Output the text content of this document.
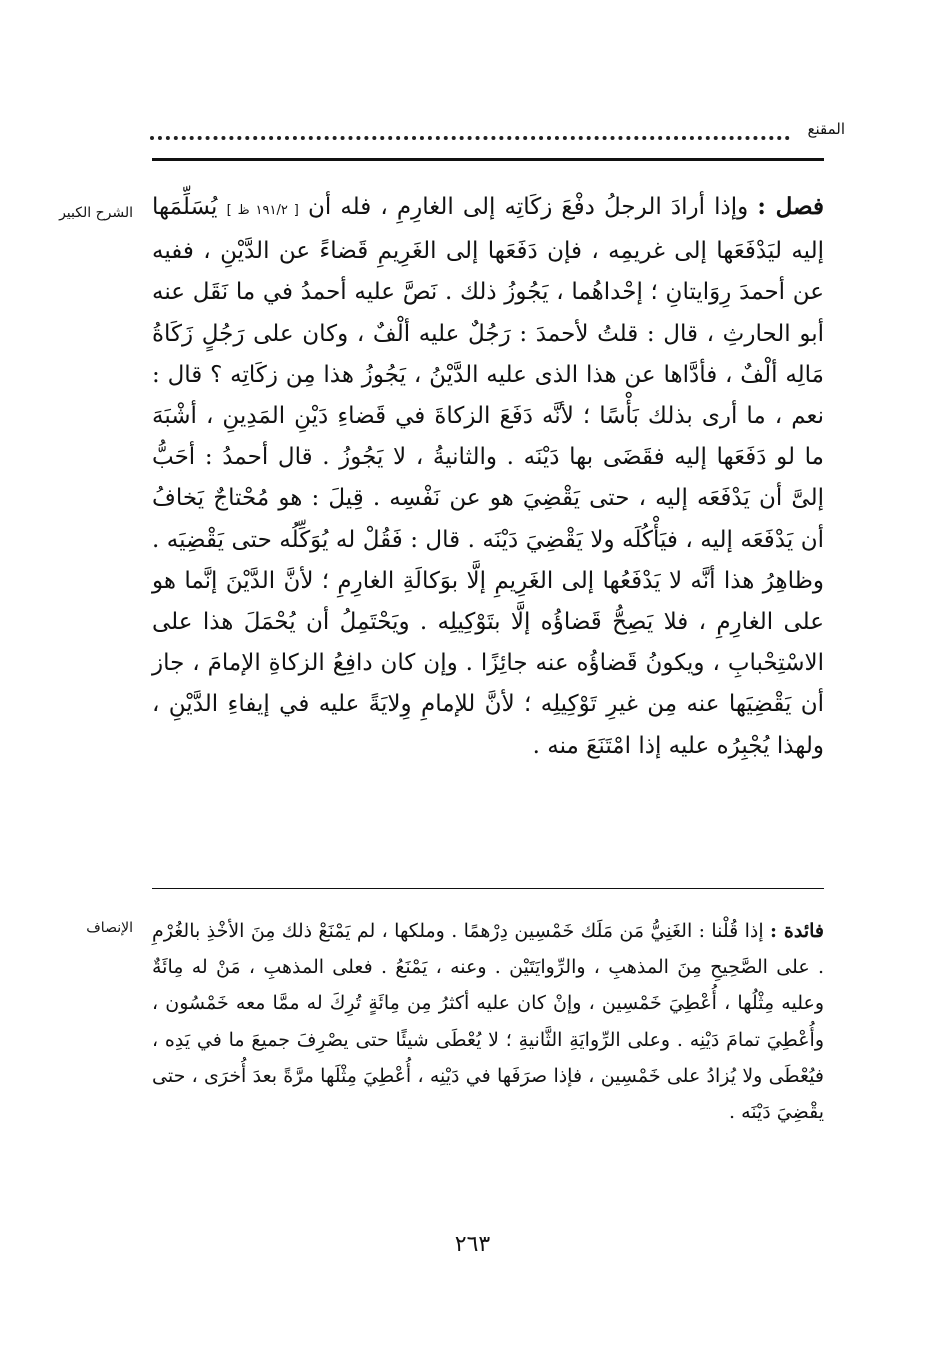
المقنع
الشرح الكبير	فصل : وإذا أرادَ الرجلُ دفْعَ زكَاتِه إلى الغارِمِ ، فله أن [ ١٩١/٢ ظ ] يُسَلِّمَها إليه ليَدْفَعَها إلى غريمِه ، فإن دَفَعَها إلى الغَرِيمِ قَضاءً عن الدَّيْنِ ، ففيه عن أحمدَ رِوَايتانِ ؛ إحْداهُما ، يَجُوزُ ذلك . نَصَّ عليه أحمدُ في ما نَقَل عنه أبو الحارثِ ، قال : قلتُ لأحمدَ : رَجُلٌ عليه ألْفٌ ، وكان على رَجُلٍ زَكَاةُ مَالِه ألْفٌ ، فأدَّاها عن هذا الذى عليه الدَّيْنُ ، يَجُوزُ هذا مِن زكَاتِه ؟ قال : نعم ، ما أرى بذلك بَأْسًا ؛ لأنَّه دَفَعَ الزكاةَ في قَضاءِ دَيْنِ المَدِينِ ، أشْبَهَ ما لو دَفَعَها إليه فقَضَى بها دَيْنَه . والثانيةُ ، لا يَجُوزُ . قال أحمدُ : أحَبُّ إلىَّ أن يَدْفَعَه إليه ، حتى يَقْضِيَ هو عن نَفْسِه . قِيلَ : هو مُحْتاجٌ يَخافُ أن يَدْفَعَه إليه ، فيَأْكُلَه ولا يَقْضِيَ دَيْنَه . قال : فَقُلْ له يُوَكِّلُه حتى يَقْضِيَه . وظاهِرُ هذا أنَّه لا يَدْفَعُها إلى الغَرِيمِ إلَّا بوَكالَةِ الغارِمِ ؛ لأنَّ الدَّيْنَ إنَّما هو على الغارِمِ ، فلا يَصِحُّ قَضاؤُه إلَّا بتَوْكِيلِه . ويَحْتَمِلُ أن يُحْمَلَ هذا على الاسْتِحْبابِ ، ويكونُ قَضاؤُه عنه جائِزًا . وإن كان دافِعُ الزكاةِ الإمامَ ، جاز أن يَقْضِيَها عنه مِن غيرِ تَوْكِيلِه ؛ لأنَّ للإمامِ وِلايَةً عليه في إيفاءِ الدَّيْنِ ، ولهذا يُجْبِرُه عليه إذا امْتَنَعَ منه .
الإنصاف	فائدة : إذا قُلْنا : الغَنِيُّ مَن مَلَك خَمْسِين دِرْهمًا . وملكها ، لم يَمْنَعْ ذلك مِنَ الأخْذِ بالغُرْمِ . على الصَّحِيحِ مِنَ المذهبِ ، والرِّوايَتَيْن . وعنه ، يَمْنَعُ . فعلى المذهبِ ، مَنْ له مِائَةٌ وعليه مِثْلُها ، أُعْطِيَ خَمْسِين ، وإنْ كان عليه أكثرُ مِن مِائَةٍ تُرِكَ له ممَّا معه خَمْسُون ، وأُعْطِيَ تمامَ دَيْنِه . وعلى الرِّوايَةِ الثَّانيةِ ؛ لا يُعْطَى شيئًا حتى يصْرِفَ جميعَ ما في يَدِه ، فيُعْطَى ولا يُزادُ على خَمْسِين ، فإذا صرَفَها في دَيْنِه ، أُعْطِيَ مِثْلَها مرَّةً بعدَ أُخرَى ، حتى يقْضِيَ دَيْنَه .
٢٦٣
